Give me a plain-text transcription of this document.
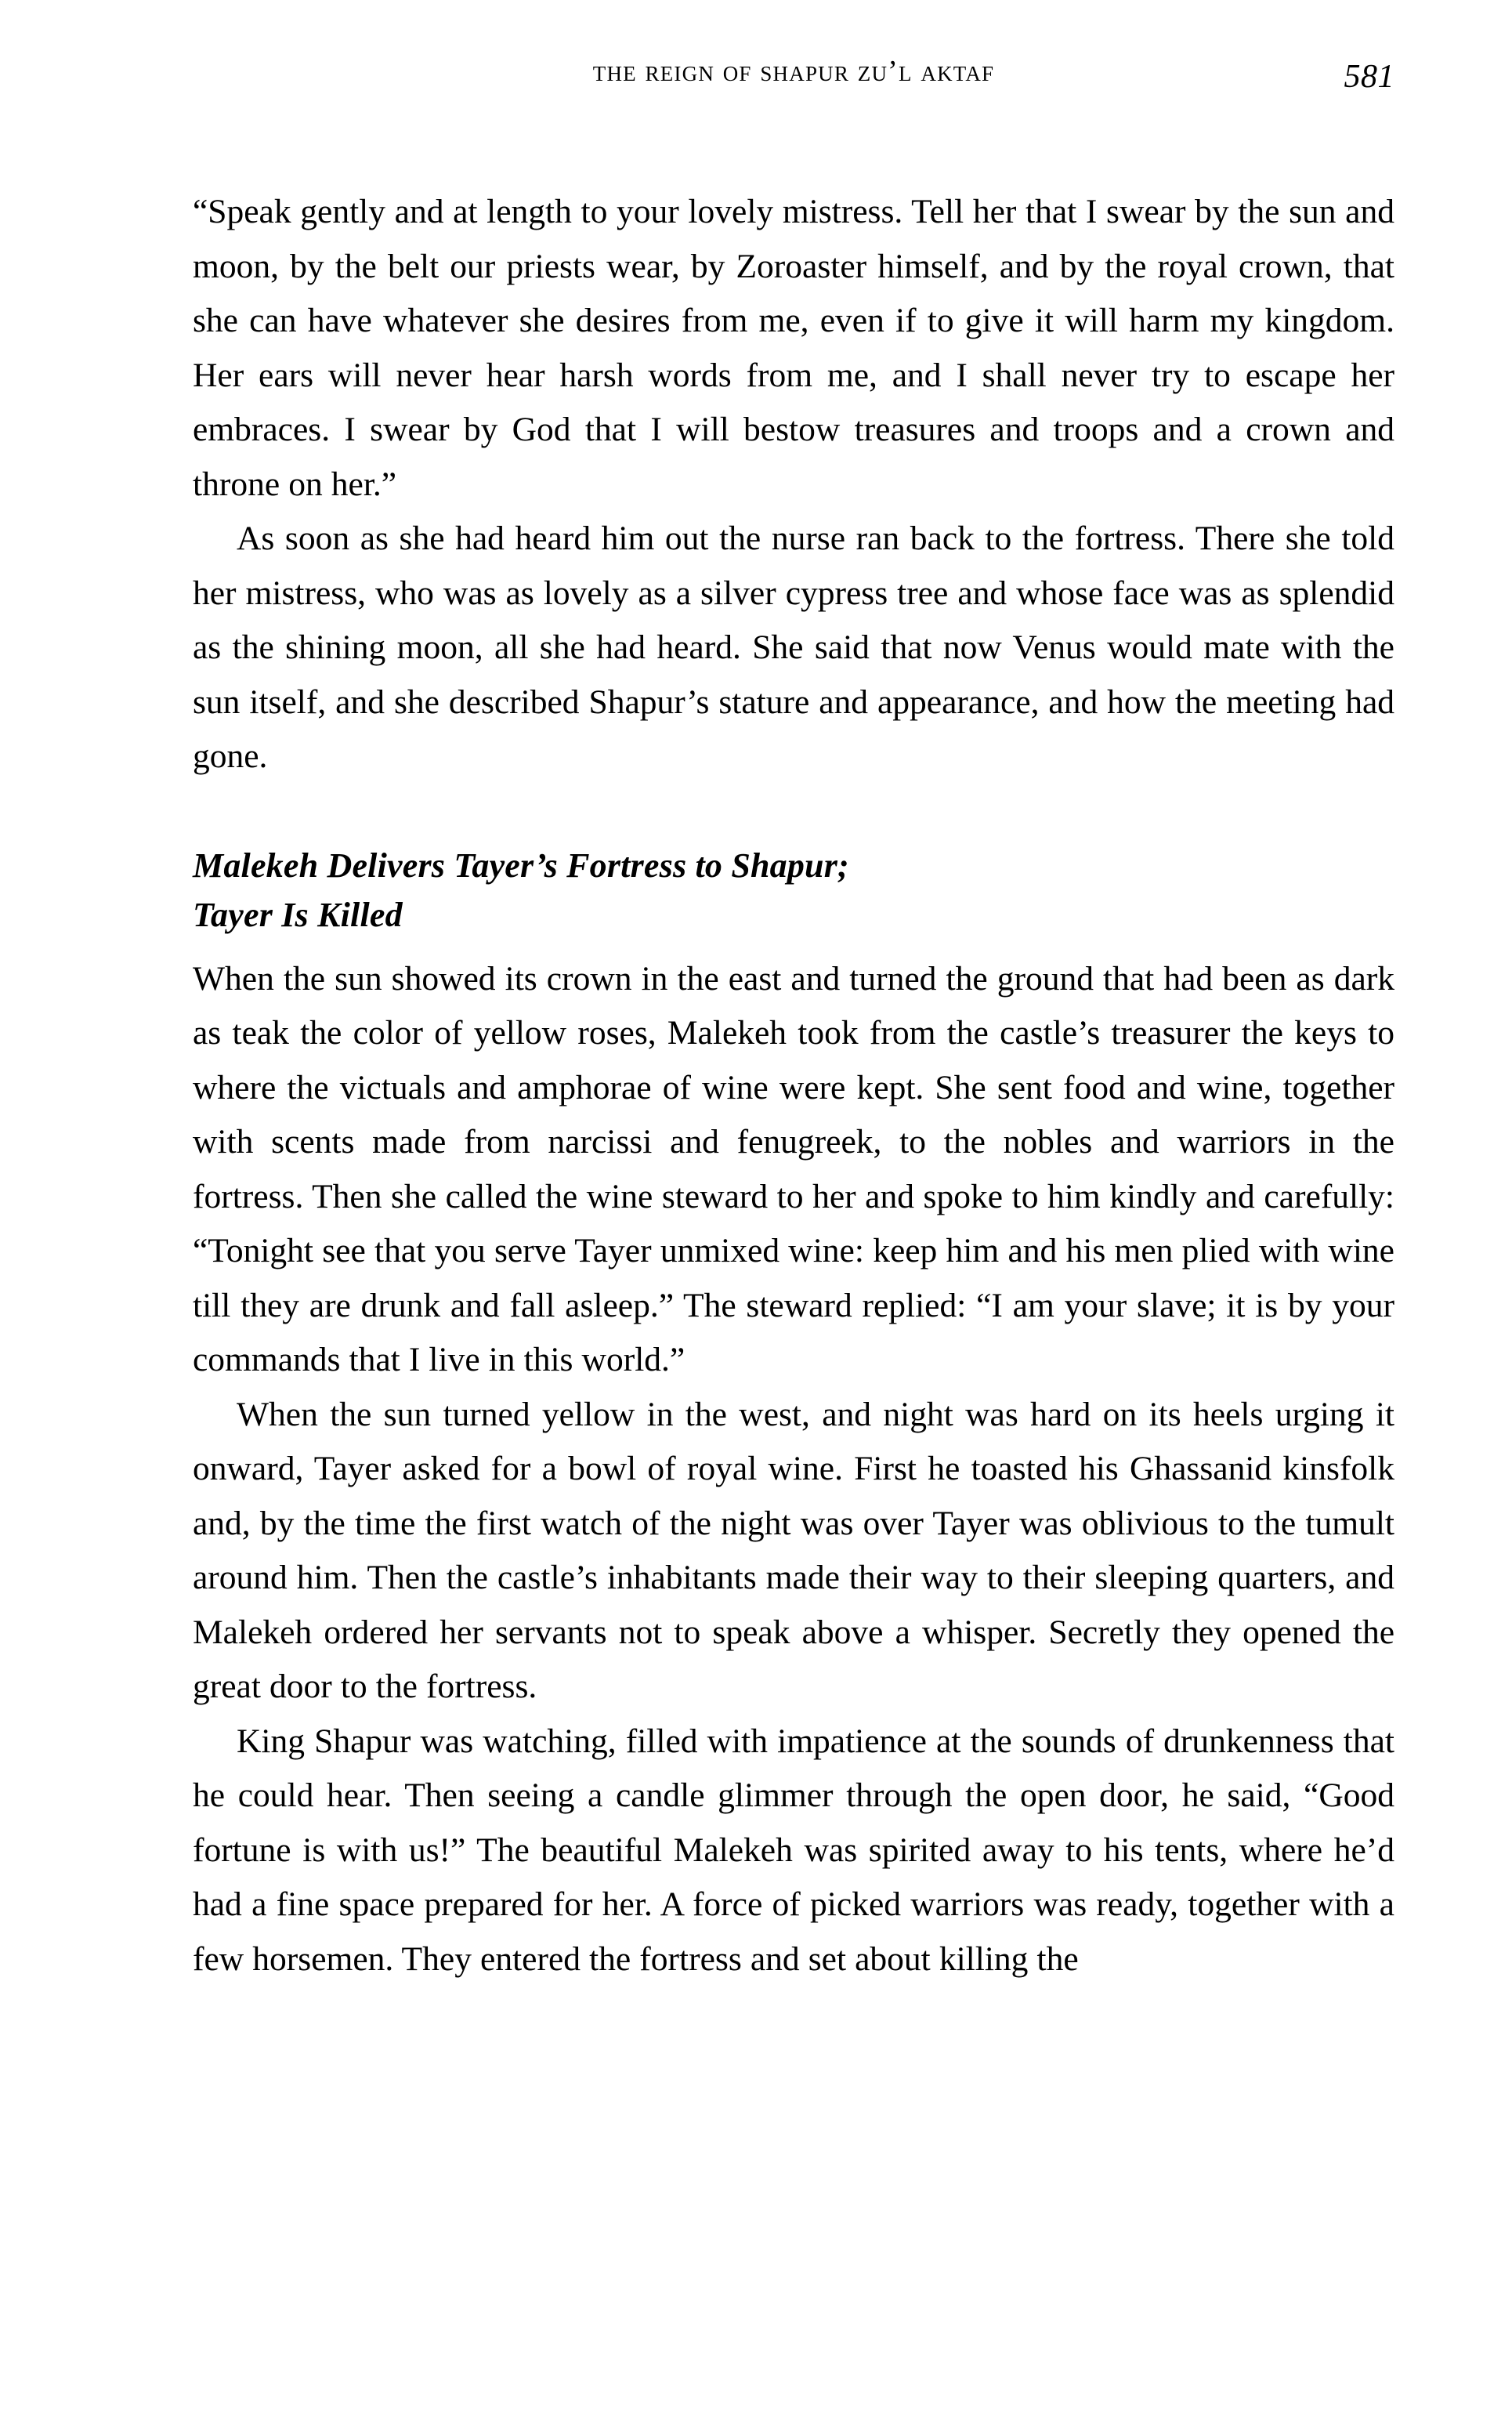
the reign of shapur zu’l aktaf	581

“Speak gently and at length to your lovely mistress. Tell her that I swear by the sun and moon, by the belt our priests wear, by Zoroaster himself, and by the royal crown, that she can have whatever she desires from me, even if to give it will harm my kingdom. Her ears will never hear harsh words from me, and I shall never try to escape her embraces. I swear by God that I will bestow treasures and troops and a crown and throne on her.”

As soon as she had heard him out the nurse ran back to the fortress. There she told her mistress, who was as lovely as a silver cypress tree and whose face was as splendid as the shining moon, all she had heard. She said that now Venus would mate with the sun itself, and she described Shapur’s stature and appearance, and how the meeting had gone.

Malekeh Delivers Tayer’s Fortress to Shapur;
Tayer Is Killed

When the sun showed its crown in the east and turned the ground that had been as dark as teak the color of yellow roses, Malekeh took from the castle’s treasurer the keys to where the victuals and amphorae of wine were kept. She sent food and wine, together with scents made from narcissi and fenugreek, to the nobles and warriors in the fortress. Then she called the wine steward to her and spoke to him kindly and carefully: “Tonight see that you serve Tayer unmixed wine: keep him and his men plied with wine till they are drunk and fall asleep.” The steward replied: “I am your slave; it is by your commands that I live in this world.”

When the sun turned yellow in the west, and night was hard on its heels urging it onward, Tayer asked for a bowl of royal wine. First he toasted his Ghassanid kinsfolk and, by the time the first watch of the night was over Tayer was oblivious to the tumult around him. Then the castle’s inhabitants made their way to their sleeping quarters, and Malekeh ordered her servants not to speak above a whisper. Secretly they opened the great door to the fortress.

King Shapur was watching, filled with impatience at the sounds of drunkenness that he could hear. Then seeing a candle glimmer through the open door, he said, “Good fortune is with us!” The beautiful Malekeh was spirited away to his tents, where he’d had a fine space prepared for her. A force of picked warriors was ready, together with a few horsemen. They entered the fortress and set about killing the
